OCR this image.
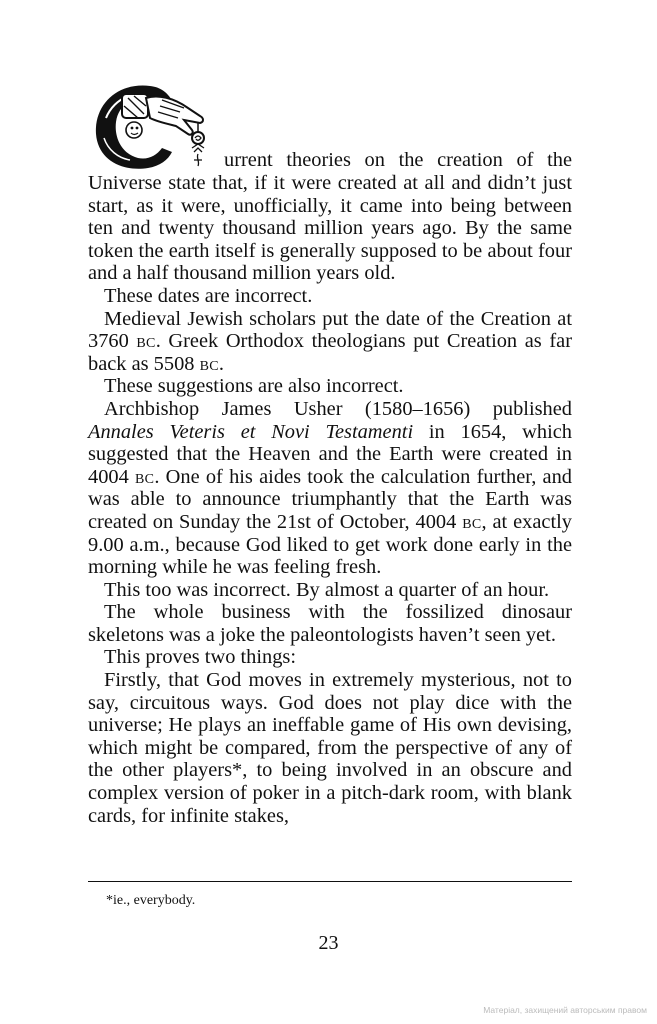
urrent theories on the creation of the

Universe state that, if it were created at all and didn’t just start, as it were, unofficially, it came into being between ten and twenty thousand million years ago. By the same token the earth itself is generally supposed to be about four and a half thousand million years old.

These dates are incorrect.

Medieval Jewish scholars put the date of the Creation at 3760 bc. Greek Orthodox theologians put Creation as far back as 5508 bc.

These suggestions are also incorrect.

Archbishop James Usher (1580–1656) published Annales Veteris et Novi Testamenti in 1654, which suggested that the Heaven and the Earth were created in 4004 bc. One of his aides took the calculation further, and was able to announce triumphantly that the Earth was created on Sunday the 21st of October, 4004 bc, at exactly 9.00 a.m., because God liked to get work done early in the morning while he was feeling fresh.

This too was incorrect. By almost a quarter of an hour.

The whole business with the fossilized dinosaur skeletons was a joke the paleontologists haven’t seen yet.

This proves two things:

Firstly, that God moves in extremely mysterious, not to say, circuitous ways. God does not play dice with the universe; He plays an ineffable game of His own devising, which might be compared, from the perspective of any of the other players*, to being involved in an obscure and complex version of poker in a pitch-dark room, with blank cards, for infinite stakes,

*ie., everybody.
23
Матеріал, захищений авторським правом
